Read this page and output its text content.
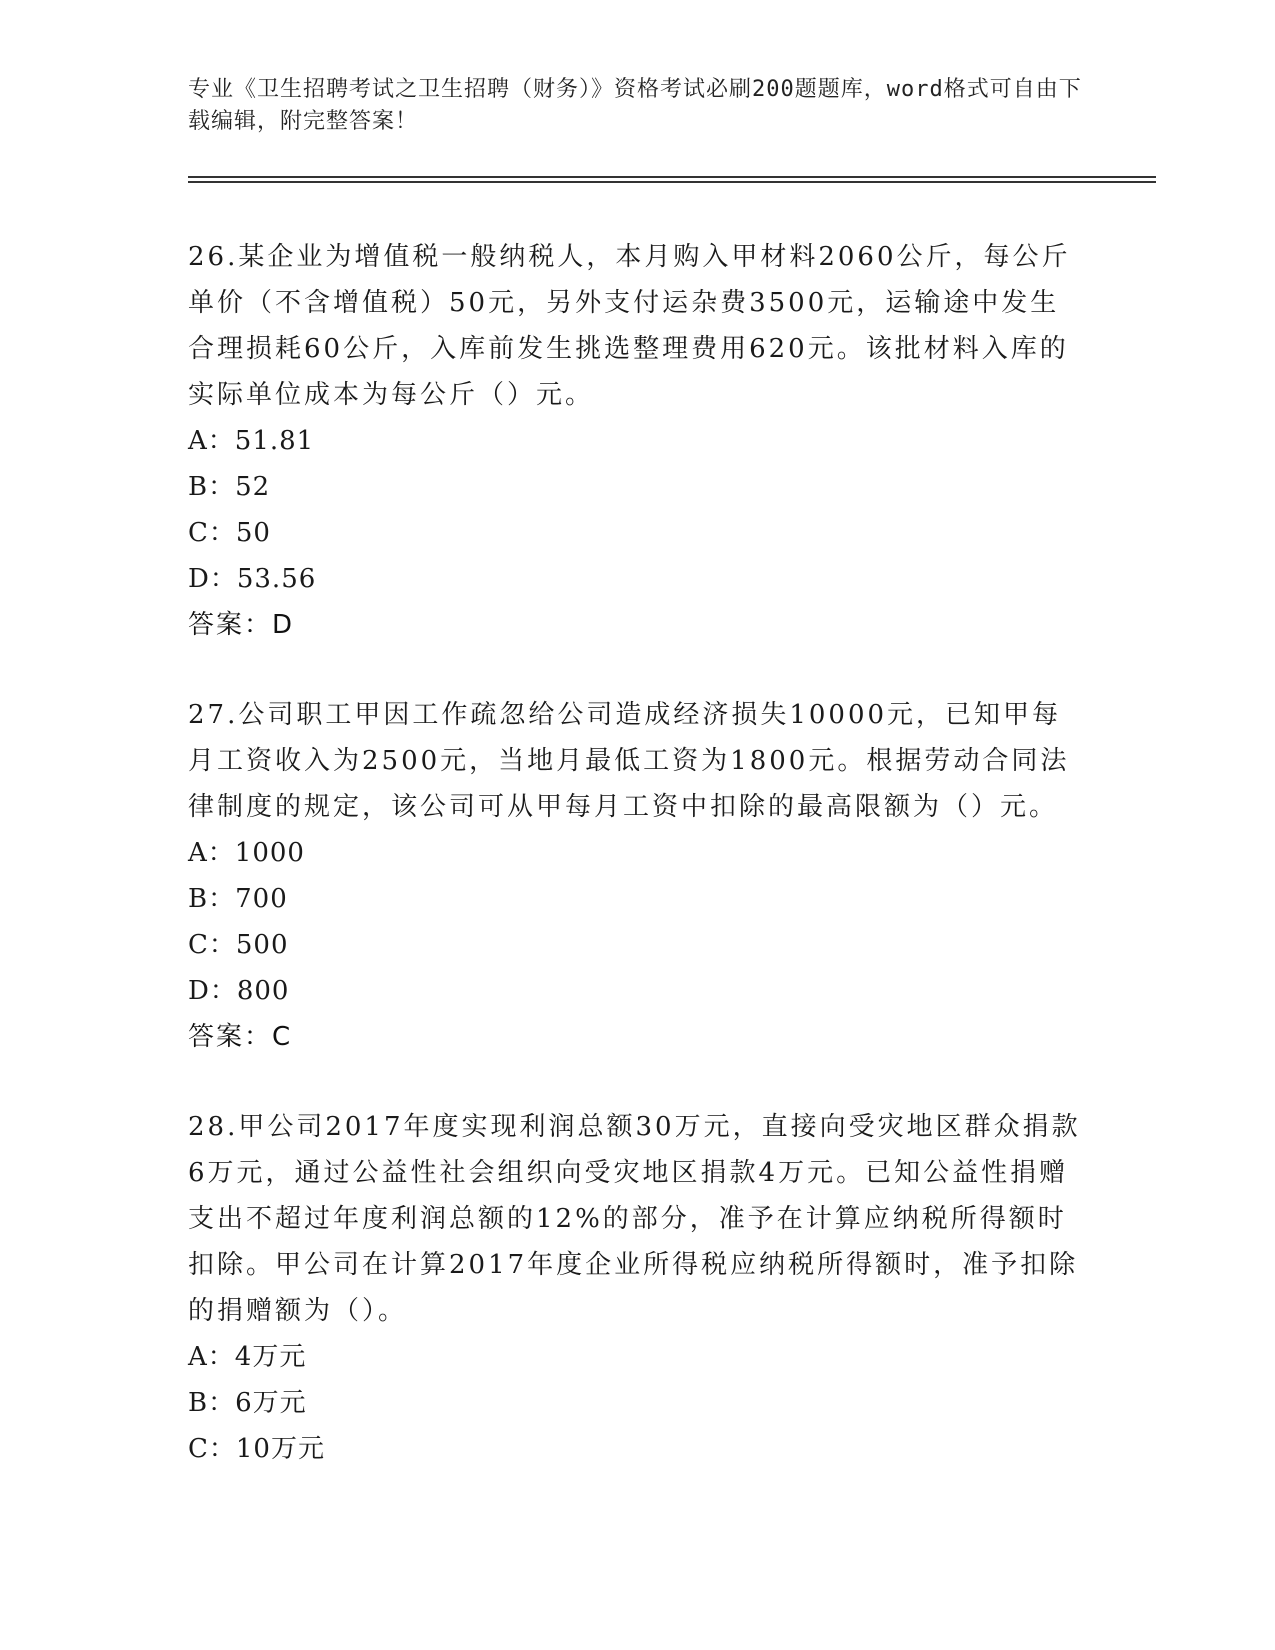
专业《卫生招聘考试之卫生招聘（财务）》资格考试必刷200题题库，word格式可自由下载编辑，附完整答案！

26.某企业为增值税一般纳税人，本月购入甲材料2060公斤，每公斤单价（不含增值税）50元，另外支付运杂费3500元，运输途中发生合理损耗60公斤，入库前发生挑选整理费用620元。该批材料入库的实际单位成本为每公斤（）元。

A：51.81

B：52

C：50

D：53.56

答案：D

27.公司职工甲因工作疏忽给公司造成经济损失10000元，已知甲每月工资收入为2500元，当地月最低工资为1800元。根据劳动合同法律制度的规定，该公司可从甲每月工资中扣除的最高限额为（）元。

A：1000

B：700

C：500

D：800

答案：C

28.甲公司2017年度实现利润总额30万元，直接向受灾地区群众捐款6万元，通过公益性社会组织向受灾地区捐款4万元。已知公益性捐赠支出不超过年度利润总额的12%的部分，准予在计算应纳税所得额时扣除。甲公司在计算2017年度企业所得税应纳税所得额时，准予扣除的捐赠额为（）。

A：4万元

B：6万元

C：10万元
